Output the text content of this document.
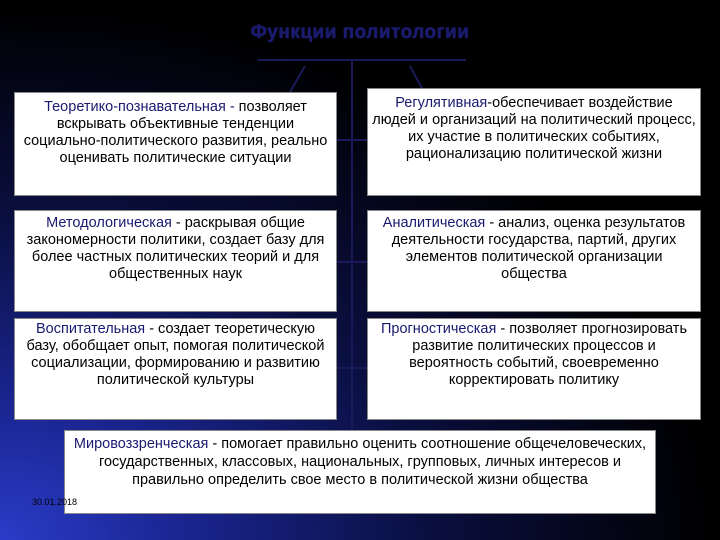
Функции политологии
Теоретико-познавательная - позволяет вскрывать объективные тенденции социально-политического развития, реально оценивать политические ситуации
Регулятивная-обеспечивает воздействие людей и организаций на политический процесс, их участие в политических событиях, рационализацию политической жизни
Методологическая - раскрывая общие закономерности политики, создает базу для более частных политических теорий и для общественных наук
Аналитическая - анализ, оценка результатов деятельности государства, партий, других элементов политической организации общества
Воспитательная - создает теоретическую базу, обобщает опыт, помогая политической социализации, формированию и развитию политической культуры
Прогностическая - позволяет прогнозировать развитие политических процессов и вероятность событий, своевременно корректировать политику
Мировоззренческая - помогает правильно оценить соотношение общечеловеческих, государственных, классовых, национальных, групповых, личных интересов и правильно определить свое место в политической жизни общества
30.01.2018
